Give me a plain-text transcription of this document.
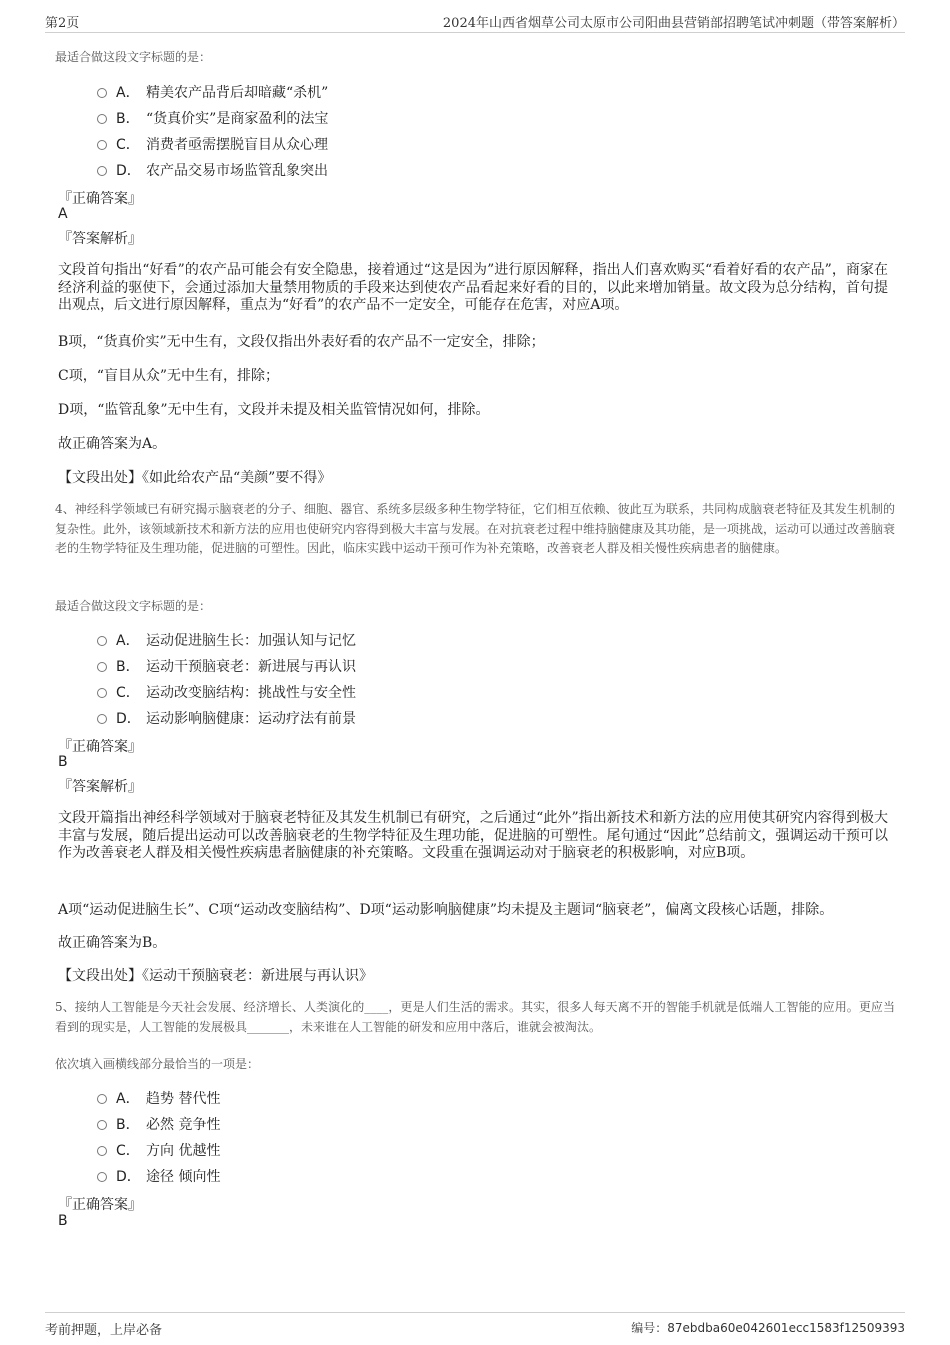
第2页	2024年山西省烟草公司太原市公司阳曲县营销部招聘笔试冲刺题（带答案解析）
最适合做这段文字标题的是：
A． 精美农产品背后却暗藏“杀机”
B． “货真价实”是商家盈利的法宝
C． 消费者亟需摆脱盲目从众心理
D． 农产品交易市场监管乱象突出
『正确答案』
A
『答案解析』
文段首句指出“好看”的农产品可能会有安全隐患，接着通过“这是因为”进行原因解释，指出人们喜欢购买“看着好看的农产品”，商家在经济利益的驱使下，会通过添加大量禁用物质的手段来达到使农产品看起来好看的目的，以此来增加销量。故文段为总分结构，首句提出观点，后文进行原因解释，重点为“好看”的农产品不一定安全，可能存在危害，对应A项。
B项，“货真价实”无中生有，文段仅指出外表好看的农产品不一定安全，排除；
C项，“盲目从众”无中生有，排除；
D项，“监管乱象”无中生有，文段并未提及相关监管情况如何，排除。
故正确答案为A。
【文段出处】《如此给农产品“美颜”要不得》
4、神经科学领域已有研究揭示脑衰老的分子、细胞、器官、系统多层级多种生物学特征，它们相互依赖、彼此互为联系，共同构成脑衰老特征及其发生机制的复杂性。此外，该领域新技术和新方法的应用也使研究内容得到极大丰富与发展。在对抗衰老过程中维持脑健康及其功能，是一项挑战，运动可以通过改善脑衰老的生物学特征及生理功能，促进脑的可塑性。因此，临床实践中运动干预可作为补充策略，改善衰老人群及相关慢性疾病患者的脑健康。
最适合做这段文字标题的是：
A． 运动促进脑生长：加强认知与记忆
B． 运动干预脑衰老：新进展与再认识
C． 运动改变脑结构：挑战性与安全性
D． 运动影响脑健康：运动疗法有前景
『正确答案』
B
『答案解析』
文段开篇指出神经科学领域对于脑衰老特征及其发生机制已有研究，之后通过“此外”指出新技术和新方法的应用使其研究内容得到极大丰富与发展，随后提出运动可以改善脑衰老的生物学特征及生理功能，促进脑的可塑性。尾句通过“因此”总结前文，强调运动干预可以作为改善衰老人群及相关慢性疾病患者脑健康的补充策略。文段重在强调运动对于脑衰老的积极影响，对应B项。
A项“运动促进脑生长”、C项“运动改变脑结构”、D项“运动影响脑健康”均未提及主题词“脑衰老”，偏离文段核心话题，排除。
故正确答案为B。
【文段出处】《运动干预脑衰老：新进展与再认识》
5、接纳人工智能是今天社会发展、经济增长、人类演化的____，更是人们生活的需求。其实，很多人每天离不开的智能手机就是低端人工智能的应用。更应当看到的现实是，人工智能的发展极具_______，未来谁在人工智能的研发和应用中落后，谁就会被淘汰。
依次填入画横线部分最恰当的一项是：
A． 趋势 替代性
B． 必然 竞争性
C． 方向 优越性
D． 途径 倾向性
『正确答案』
B
考前押题，上岸必备	编号：87ebdba60e042601ecc1583f12509393
